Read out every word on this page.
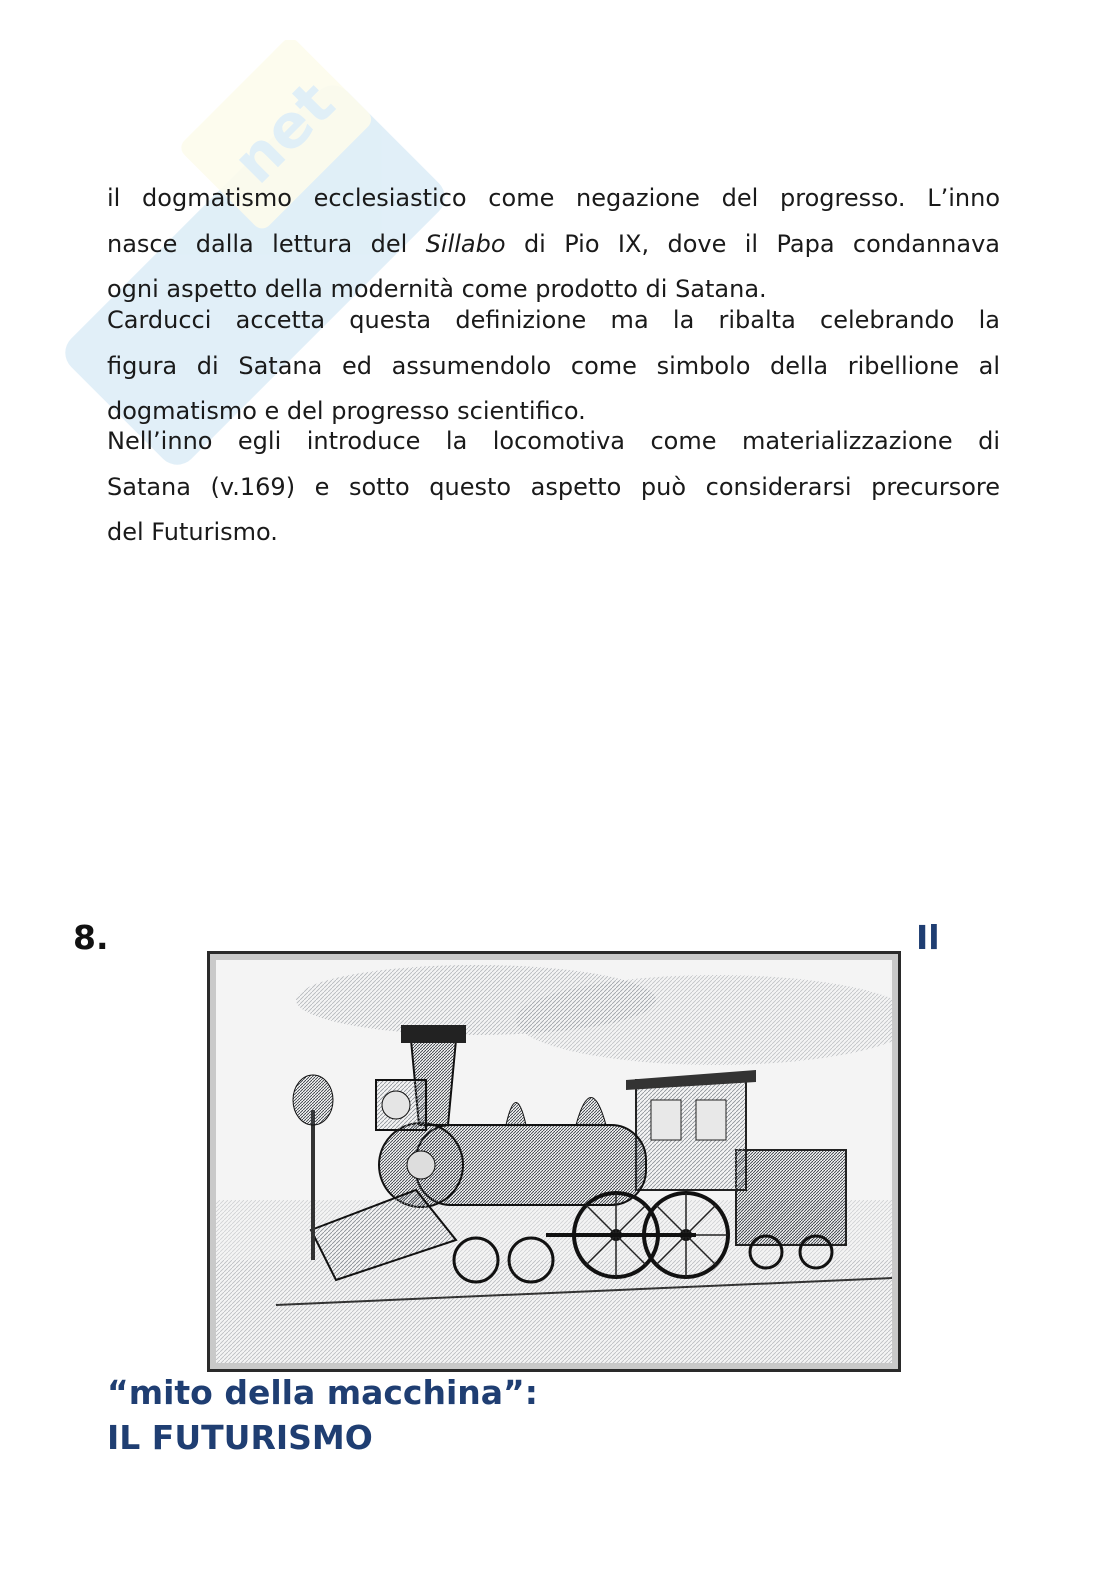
net
il dogmatismo ecclesiastico come negazione del progresso. L’inno
nasce dalla lettura del Sillabo di Pio IX, dove il Papa condannava
ogni aspetto della modernità come prodotto di Satana.
Carducci accetta questa definizione ma la ribalta celebrando la
figura di Satana ed assumendolo come simbolo della ribellione al
dogmatismo e del progresso scientifico.
Nell’inno egli introduce la locomotiva come materializzazione di
Satana (v.169) e sotto questo aspetto può considerarsi precursore
del Futurismo.
8.	Il
“mito della macchina”:
IL FUTURISMO
